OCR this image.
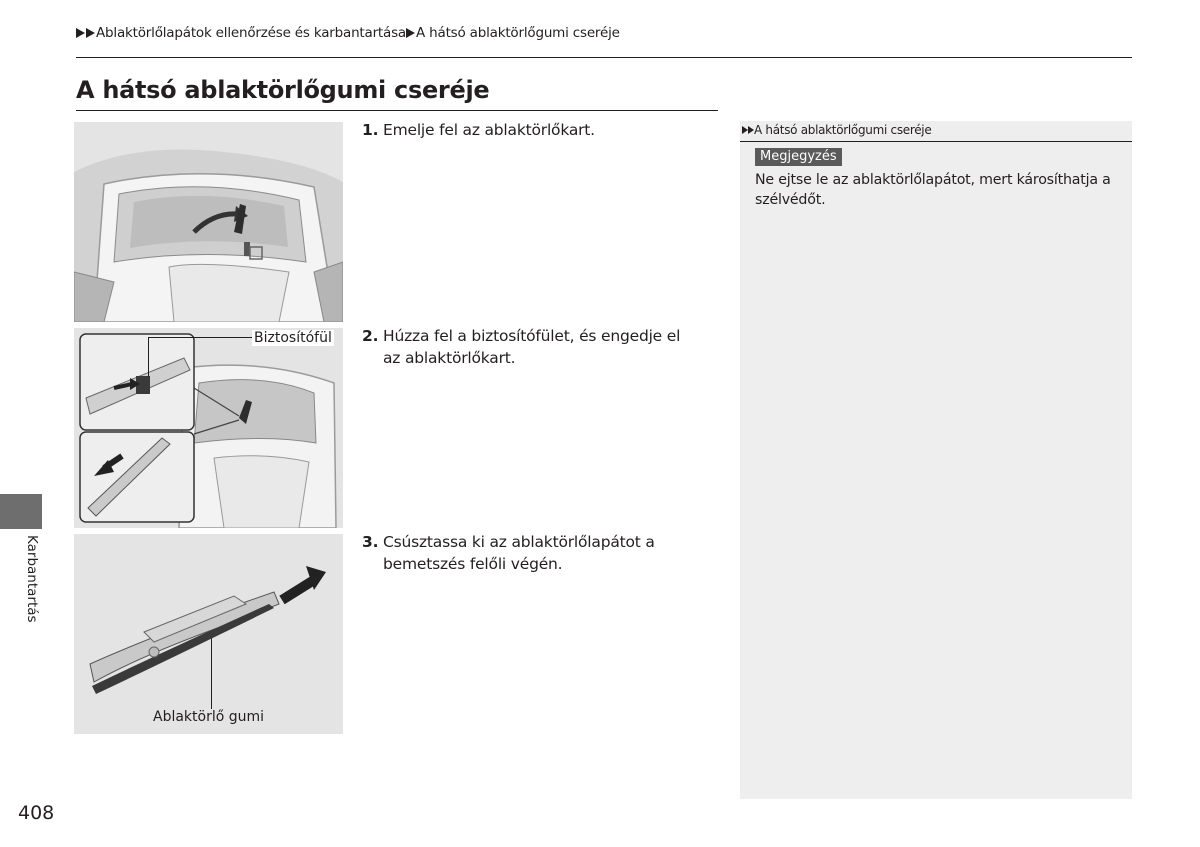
Ablaktörlőlapátok ellenőrzése és karbantartása A hátsó ablaktörlőgumi cseréje
A hátsó ablaktörlőgumi cseréje
Biztosítófül
Ablaktörlő gumi
1. Emelje fel az ablaktörlőkart.
2. Húzza fel a biztosítófület, és engedje el az ablaktörlőkart.
3. Csúsztassa ki az ablaktörlőlapátot a bemetszés felőli végén.
A hátsó ablaktörlőgumi cseréje
Megjegyzés
Ne ejtse le az ablaktörlőlapátot, mert károsíthatja a szélvédőt.
Karbantartás
408
